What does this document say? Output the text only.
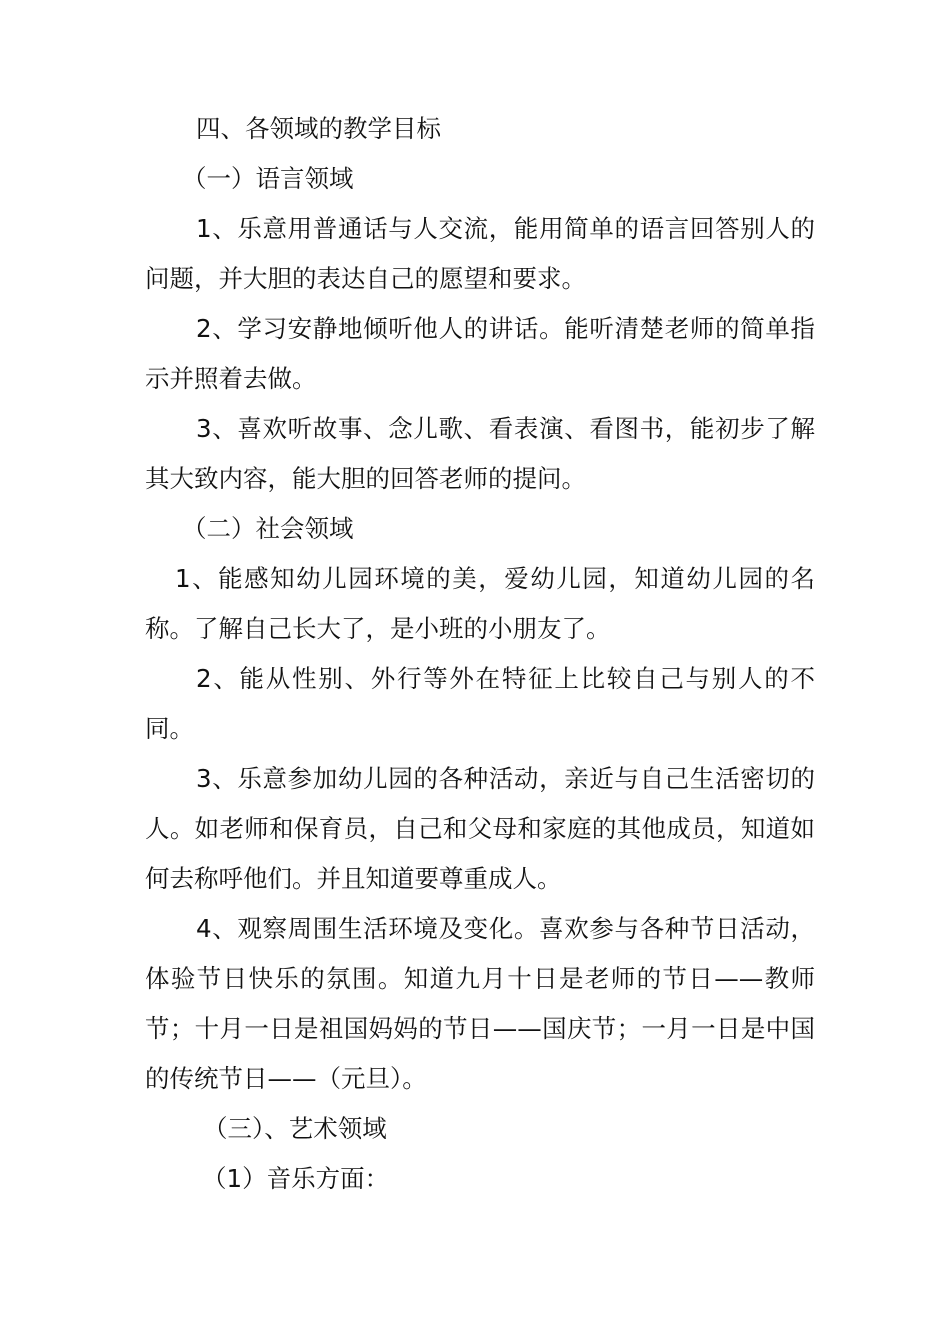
四、各领域的教学目标

（一）语言领域

1、乐意用普通话与人交流，能用简单的语言回答别人的问题，并大胆的表达自己的愿望和要求。

2、学习安静地倾听他人的讲话。能听清楚老师的简单指示并照着去做。

3、喜欢听故事、念儿歌、看表演、看图书，能初步了解其大致内容，能大胆的回答老师的提问。

（二）社会领域

1、能感知幼儿园环境的美，爱幼儿园，知道幼儿园的名称。了解自己长大了，是小班的小朋友了。

2、能从性别、外行等外在特征上比较自己与别人的不同。

3、乐意参加幼儿园的各种活动，亲近与自己生活密切的人。如老师和保育员，自己和父母和家庭的其他成员，知道如何去称呼他们。并且知道要尊重成人。

4、观察周围生活环境及变化。喜欢参与各种节日活动，体验节日快乐的氛围。知道九月十日是老师的节日——教师节；十月一日是祖国妈妈的节日——国庆节；一月一日是中国的传统节日——（元旦）。

（三）、艺术领域

（1）音乐方面：
